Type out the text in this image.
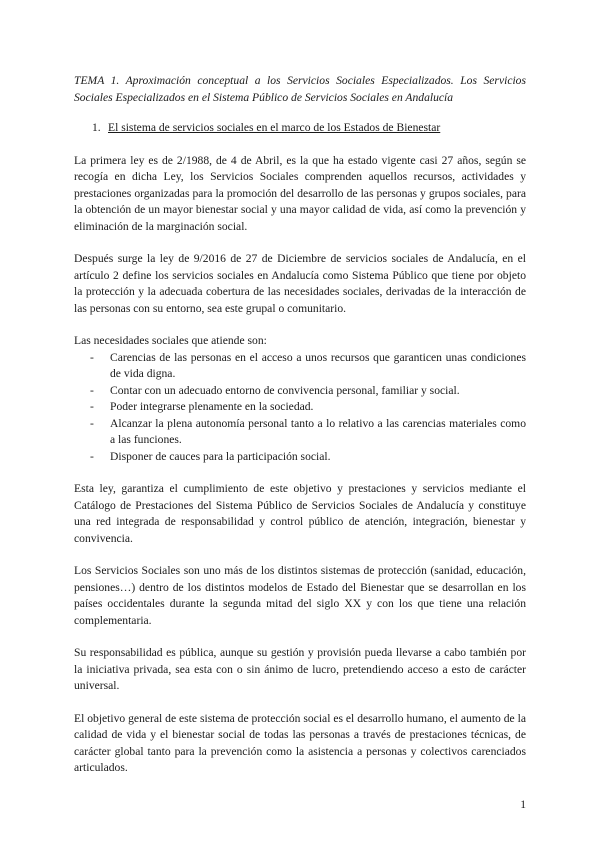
TEMA 1. Aproximación conceptual a los Servicios Sociales Especializados. Los Servicios Sociales Especializados en el Sistema Público de Servicios Sociales en Andalucía

1. El sistema de servicios sociales en el marco de los Estados de Bienestar

La primera ley es de 2/1988, de 4 de Abril, es la que ha estado vigente casi 27 años, según se recogía en dicha Ley, los Servicios Sociales comprenden aquellos recursos, actividades y prestaciones organizadas para la promoción del desarrollo de las personas y grupos sociales, para la obtención de un mayor bienestar social y una mayor calidad de vida, así como la prevención y eliminación de la marginación social.

Después surge la ley de 9/2016 de 27 de Diciembre de servicios sociales de Andalucía, en el artículo 2 define los servicios sociales en Andalucía como Sistema Público que tiene por objeto la protección y la adecuada cobertura de las necesidades sociales, derivadas de la interacción de las personas con su entorno, sea este grupal o comunitario.

Las necesidades sociales que atiende son:

-	Carencias de las personas en el acceso a unos recursos que garanticen unas condiciones de vida digna.
-	Contar con un adecuado entorno de convivencia personal, familiar y social.
-	Poder integrarse plenamente en la sociedad.
-	Alcanzar la plena autonomía personal tanto a lo relativo a las carencias materiales como a las funciones.
-	Disponer de cauces para la participación social.

Esta ley, garantiza el cumplimiento de este objetivo y prestaciones y servicios mediante el Catálogo de Prestaciones del Sistema Público de Servicios Sociales de Andalucía y constituye una red integrada de responsabilidad y control público de atención, integración, bienestar y convivencia.

Los Servicios Sociales son uno más de los distintos sistemas de protección (sanidad, educación, pensiones…) dentro de los distintos modelos de Estado del Bienestar que se desarrollan en los países occidentales durante la segunda mitad del siglo XX y con los que tiene una relación complementaria.

Su responsabilidad es pública, aunque su gestión y provisión pueda llevarse a cabo también por la iniciativa privada, sea esta con o sin ánimo de lucro, pretendiendo acceso a esto de carácter universal.

El objetivo general de este sistema de protección social es el desarrollo humano, el aumento de la calidad de vida y el bienestar social de todas las personas a través de prestaciones técnicas, de carácter global tanto para la prevención como la asistencia a personas y colectivos carenciados articulados.

1
